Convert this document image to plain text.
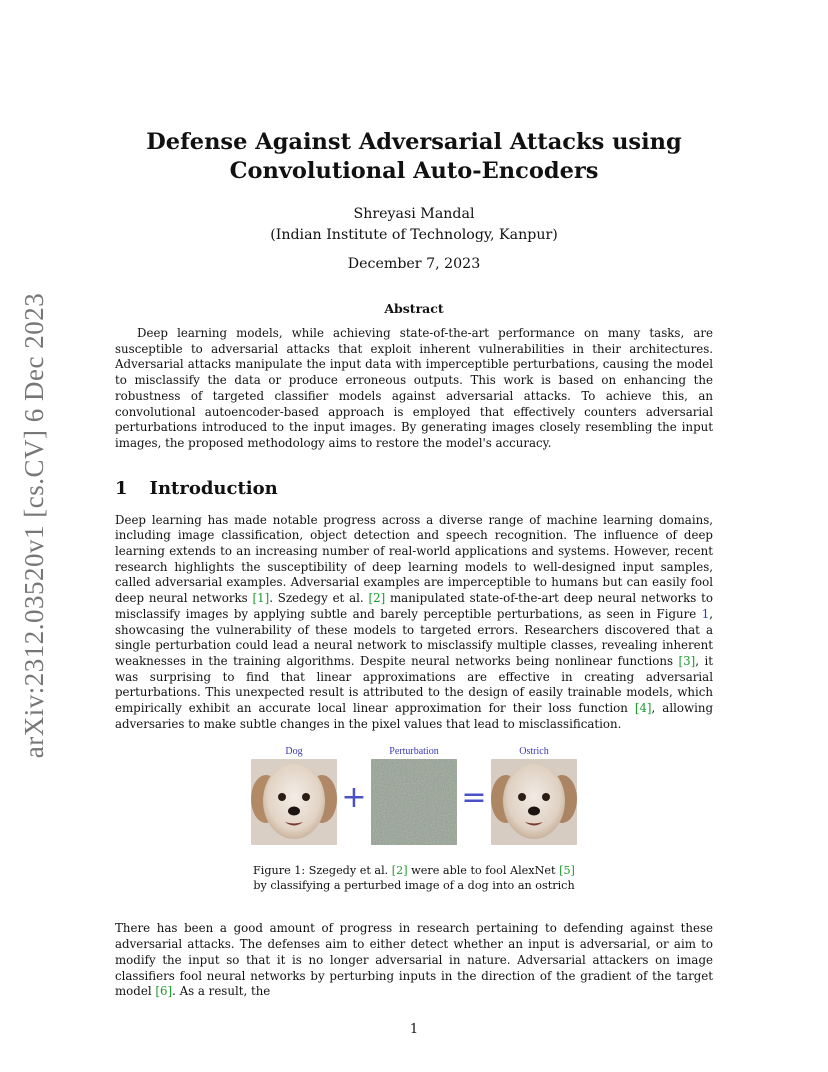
arXiv:2312.03520v1 [cs.CV] 6 Dec 2023
Defense Against Adversarial Attacks using
Convolutional Auto-Encoders
Shreyasi Mandal
(Indian Institute of Technology, Kanpur)
December 7, 2023
Abstract

Deep learning models, while achieving state-of-the-art performance on many tasks, are susceptible to adversarial attacks that exploit inherent vulnerabilities in their architectures. Adversarial attacks manipulate the input data with imperceptible perturbations, causing the model to misclassify the data or produce erroneous outputs. This work is based on enhancing the robustness of targeted classifier models against adversarial attacks. To achieve this, an convolutional autoencoder-based approach is employed that effectively counters adversarial perturbations introduced to the input images. By generating images closely resembling the input images, the proposed methodology aims to restore the model's accuracy.

1 Introduction

Deep learning has made notable progress across a diverse range of machine learning domains, including image classification, object detection and speech recognition. The influence of deep learning extends to an increasing number of real-world applications and systems. However, recent research highlights the susceptibility of deep learning models to well-designed input samples, called adversarial examples. Adversarial examples are imperceptible to humans but can easily fool deep neural networks [1]. Szedegy et al. [2] manipulated state-of-the-art deep neural networks to misclassify images by applying subtle and barely perceptible perturbations, as seen in Figure 1, showcasing the vulnerability of these models to targeted errors. Researchers discovered that a single perturbation could lead a neural network to misclassify multiple classes, revealing inherent weaknesses in the training algorithms. Despite neural networks being nonlinear functions [3], it was surprising to find that linear approximations are effective in creating adversarial perturbations. This unexpected result is attributed to the design of easily trainable models, which empirically exhibit an accurate local linear approximation for their loss function [4], allowing adversaries to make subtle changes in the pixel values that lead to misclassification.

Dog
+
Perturbation
=
Ostrich
Figure 1: Szegedy et al. [2] were able to fool AlexNet [5]
by classifying a perturbed image of a dog into an ostrich

There has been a good amount of progress in research pertaining to defending against these adversarial attacks. The defenses aim to either detect whether an input is adversarial, or aim to modify the input so that it is no longer adversarial in nature. Adversarial attackers on image classifiers fool neural networks by perturbing inputs in the direction of the gradient of the target model [6]. As a result, the

1
